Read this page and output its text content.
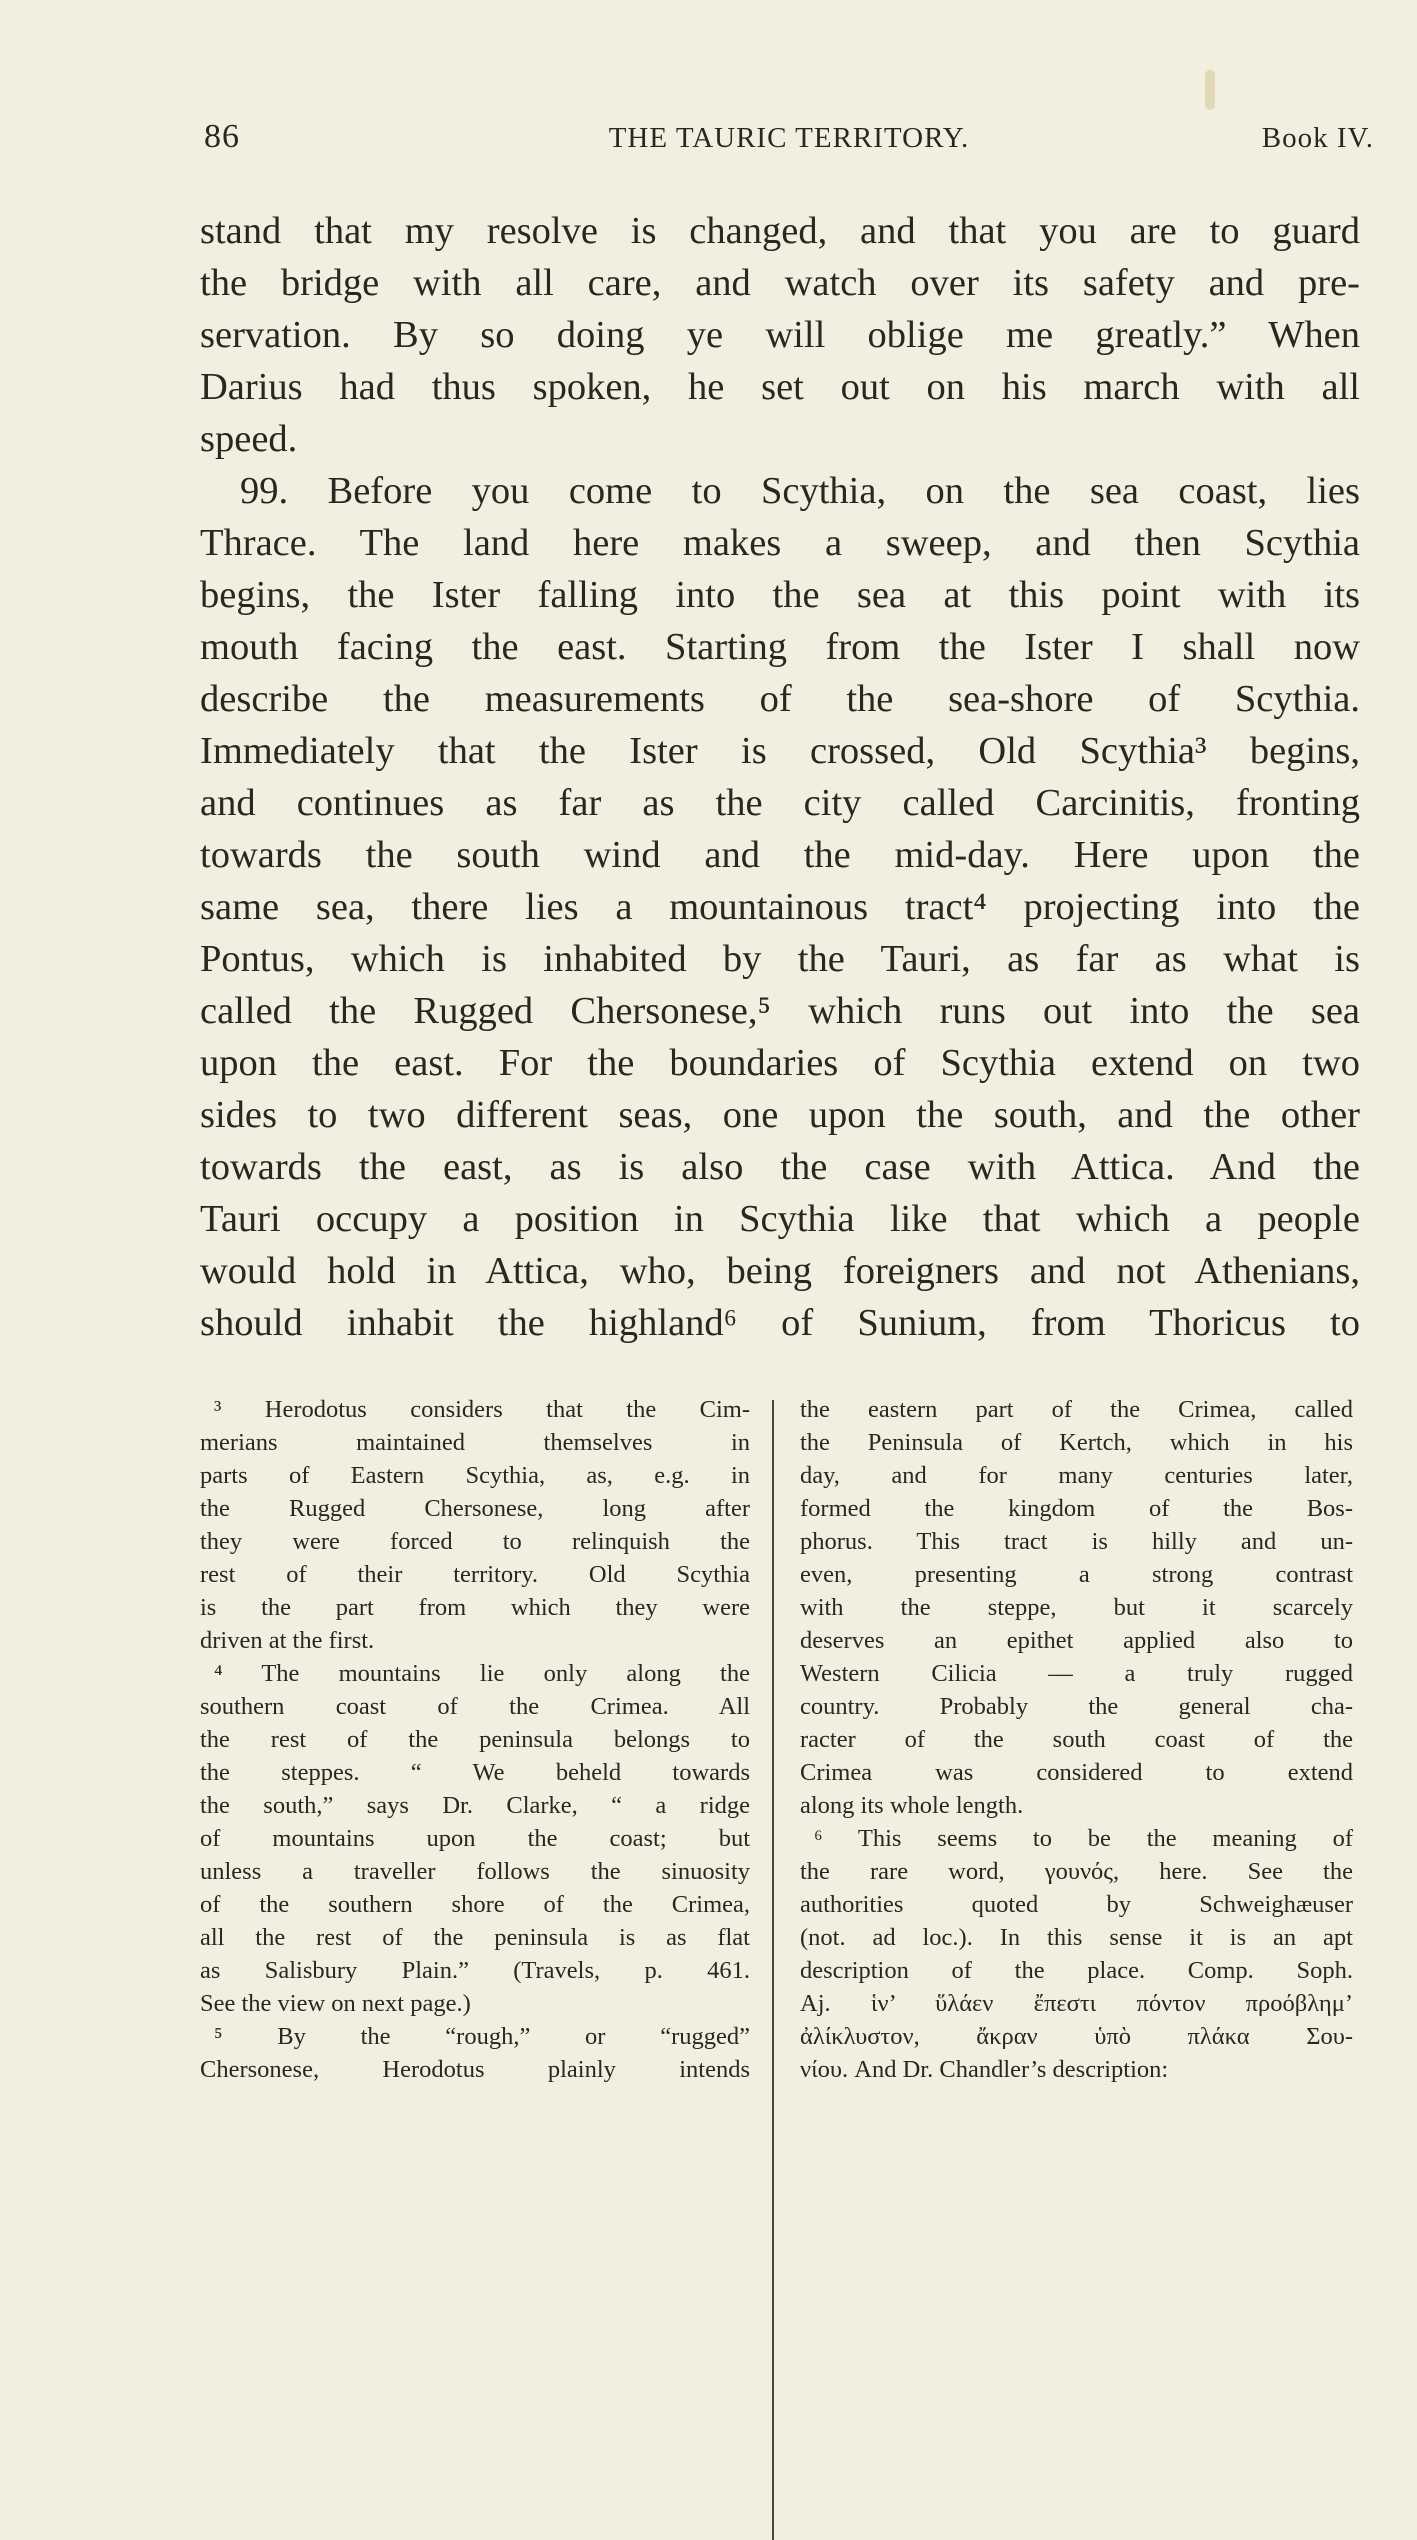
86	THE TAURIC TERRITORY.	Book IV.
stand that my resolve is changed, and that you are to guard
the bridge with all care, and watch over its safety and pre-
servation. By so doing ye will oblige me greatly.” When
Darius had thus spoken, he set out on his march with all
speed.
99. Before you come to Scythia, on the sea coast, lies
Thrace. The land here makes a sweep, and then Scythia
begins, the Ister falling into the sea at this point with its
mouth facing the east. Starting from the Ister I shall now
describe the measurements of the sea-shore of Scythia.
Immediately that the Ister is crossed, Old Scythia³ begins,
and continues as far as the city called Carcinitis, fronting
towards the south wind and the mid-day. Here upon the
same sea, there lies a mountainous tract⁴ projecting into the
Pontus, which is inhabited by the Tauri, as far as what is
called the Rugged Chersonese,⁵ which runs out into the sea
upon the east. For the boundaries of Scythia extend on two
sides to two different seas, one upon the south, and the other
towards the east, as is also the case with Attica. And the
Tauri occupy a position in Scythia like that which a people
would hold in Attica, who, being foreigners and not Athenians,
should inhabit the highland⁶ of Sunium, from Thoricus to
³ Herodotus considers that the Cim-
merians maintained themselves in
parts of Eastern Scythia, as, e.g. in
the Rugged Chersonese, long after
they were forced to relinquish the
rest of their territory. Old Scythia
is the part from which they were
driven at the first.
⁴ The mountains lie only along the
southern coast of the Crimea. All
the rest of the peninsula belongs to
the steppes. “ We beheld towards
the south,” says Dr. Clarke, “ a ridge
of mountains upon the coast; but
unless a traveller follows the sinuosity
of the southern shore of the Crimea,
all the rest of the peninsula is as flat
as Salisbury Plain.” (Travels, p. 461.
See the view on next page.)
⁵ By the “rough,” or “rugged”
Chersonese, Herodotus plainly intends
the eastern part of the Crimea, called
the Peninsula of Kertch, which in his
day, and for many centuries later,
formed the kingdom of the Bos-
phorus. This tract is hilly and un-
even, presenting a strong contrast
with the steppe, but it scarcely
deserves an epithet applied also to
Western Cilicia — a truly rugged
country. Probably the general cha-
racter of the south coast of the
Crimea was considered to extend
along its whole length.
⁶ This seems to be the meaning of
the rare word, γουνός, here. See the
authorities quoted by Schweighæuser
(not. ad loc.). In this sense it is an apt
description of the place. Comp. Soph.
Aj. ἱν’ ὕλάεν ἔπεστι πόντον προόβλημ’
ἀλίκλυστον, ἄκραν ὑπὸ πλάκα Σου-
νίου. And Dr. Chandler’s description:
